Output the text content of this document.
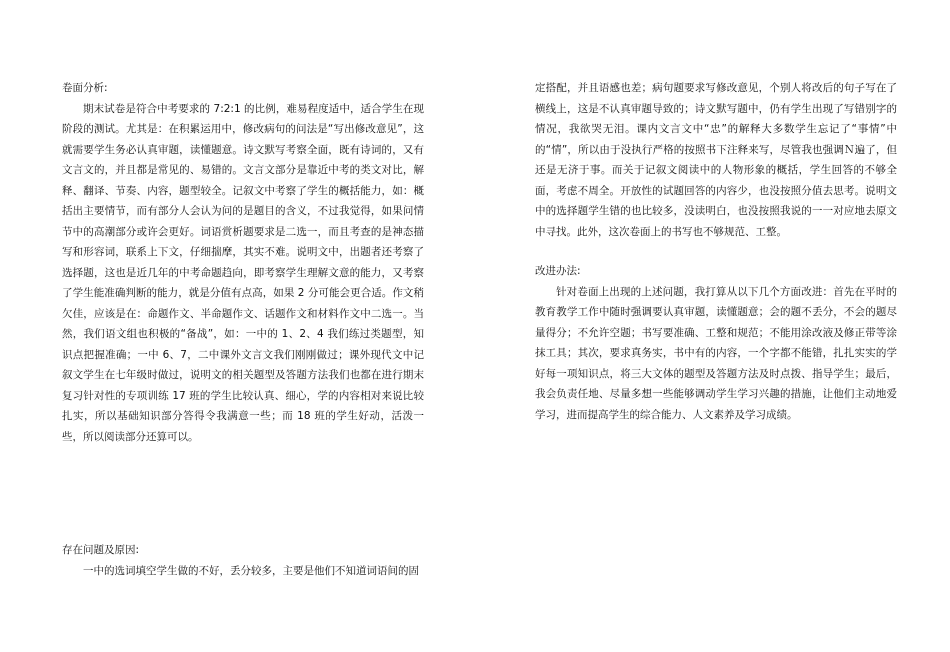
卷面分析:

期末试卷是符合中考要求的 7:2:1 的比例，难易程度适中，适合学生在现阶段的测试。尤其是：在积累运用中，修改病句的问法是“写出修改意见”，这就需要学生务必认真审题，读懂题意。诗文默写考察全面，既有诗词的，又有文言文的，并且都是常见的、易错的。文言文部分是靠近中考的类文对比，解释、翻译、节奏、内容，题型较全。记叙文中考察了学生的概括能力，如：概括出主要情节，而有部分人会认为问的是题目的含义，不过我觉得，如果问情节中的高潮部分或许会更好。词语赏析题要求是二选一，而且考查的是神态描写和形容词，联系上下文，仔细揣摩，其实不难。说明文中，出题者还考察了选择题，这也是近几年的中考命题趋向，即考察学生理解文意的能力，又考察了学生能准确判断的能力，就是分值有点高，如果 2 分可能会更合适。作文稍欠佳，应该是在：命题作文、半命题作文、话题作文和材料作文中二选一。当然，我们语文组也积极的“备战”，如：一中的 1、2、4 我们练过类题型，知识点把握准确；一中 6、7，二中课外文言文我们刚刚做过；课外现代文中记叙文学生在七年级时做过，说明文的相关题型及答题方法我们也都在进行期末复习针对性的专项训练 17 班的学生比较认真、细心，学的内容相对来说比较扎实，所以基础知识部分答得令我满意一些；而 18 班的学生好动，活泼一些，所以阅读部分还算可以。

存在问题及原因:

一中的选词填空学生做的不好，丢分较多，主要是他们不知道词语间的固

定搭配，并且语感也差；病句题要求写修改意见，个别人将改后的句子写在了横线上，这是不认真审题导致的；诗文默写题中，仍有学生出现了写错别字的情况，我欲哭无泪。课内文言文中“忠”的解释大多数学生忘记了“事情”中的“情”，所以由于没执行严格的按照书下注释来写，尽管我也强调Ｎ遍了，但还是无济于事。而关于记叙文阅读中的人物形象的概括，学生回答的不够全面，考虑不周全。开放性的试题回答的内容少，也没按照分值去思考。说明文中的选择题学生错的也比较多，没读明白，也没按照我说的一一对应地去原文中寻找。此外，这次卷面上的书写也不够规范、工整。

改进办法:

针对卷面上出现的上述问题，我打算从以下几个方面改进：首先在平时的教育教学工作中随时强调要认真审题，读懂题意；会的题不丢分，不会的题尽量得分；不允许空题；书写要准确、工整和规范；不能用涂改液及修正带等涂抹工具；其次，要求真务实，书中有的内容，一个字都不能错，扎扎实实的学好每一项知识点，将三大文体的题型及答题方法及时点拨、指导学生；最后，我会负责任地、尽量多想一些能够调动学生学习兴趣的措施，让他们主动地爱学习，进而提高学生的综合能力、人文素养及学习成绩。
